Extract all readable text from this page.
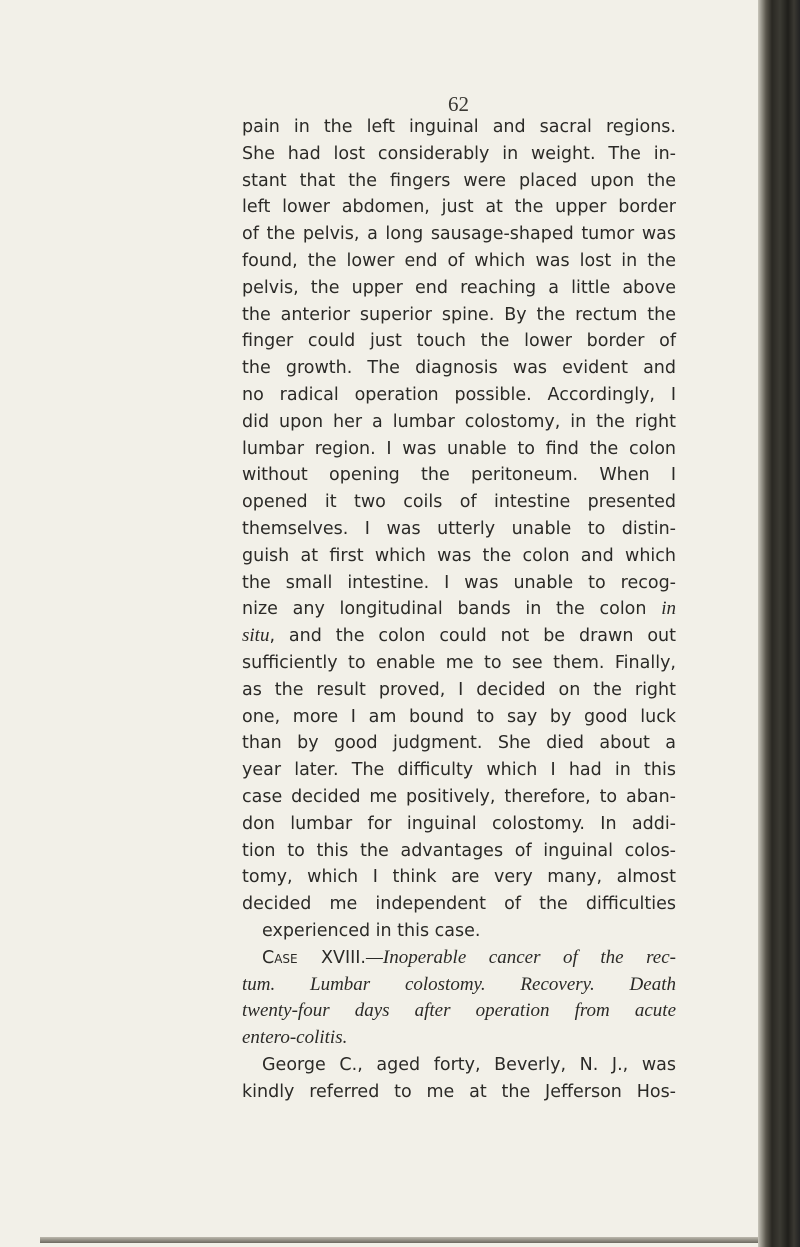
62
pain in the left inguinal and sacral regions.
She had lost considerably in weight. The in-
stant that the fingers were placed upon the
left lower abdomen, just at the upper border
of the pelvis, a long sausage-shaped tumor was
found, the lower end of which was lost in the
pelvis, the upper end reaching a little above
the anterior superior spine. By the rectum the
finger could just touch the lower border of
the growth. The diagnosis was evident and
no radical operation possible. Accordingly, I
did upon her a lumbar colostomy, in the right
lumbar region. I was unable to find the colon
without opening the peritoneum. When I
opened it two coils of intestine presented
themselves. I was utterly unable to distin-
guish at first which was the colon and which
the small intestine. I was unable to recog-
nize any longitudinal bands in the colon in
situ, and the colon could not be drawn out
sufficiently to enable me to see them. Finally,
as the result proved, I decided on the right
one, more I am bound to say by good luck
than by good judgment. She died about a
year later. The difficulty which I had in this
case decided me positively, therefore, to aban-
don lumbar for inguinal colostomy. In addi-
tion to this the advantages of inguinal colos-
tomy, which I think are very many, almost
decided me independent of the difficulties
experienced in this case.
Case XVIII.—Inoperable cancer of the rec-
tum. Lumbar colostomy. Recovery. Death
twenty-four days after operation from acute
entero-colitis.
George C., aged forty, Beverly, N. J., was
kindly referred to me at the Jefferson Hos-
